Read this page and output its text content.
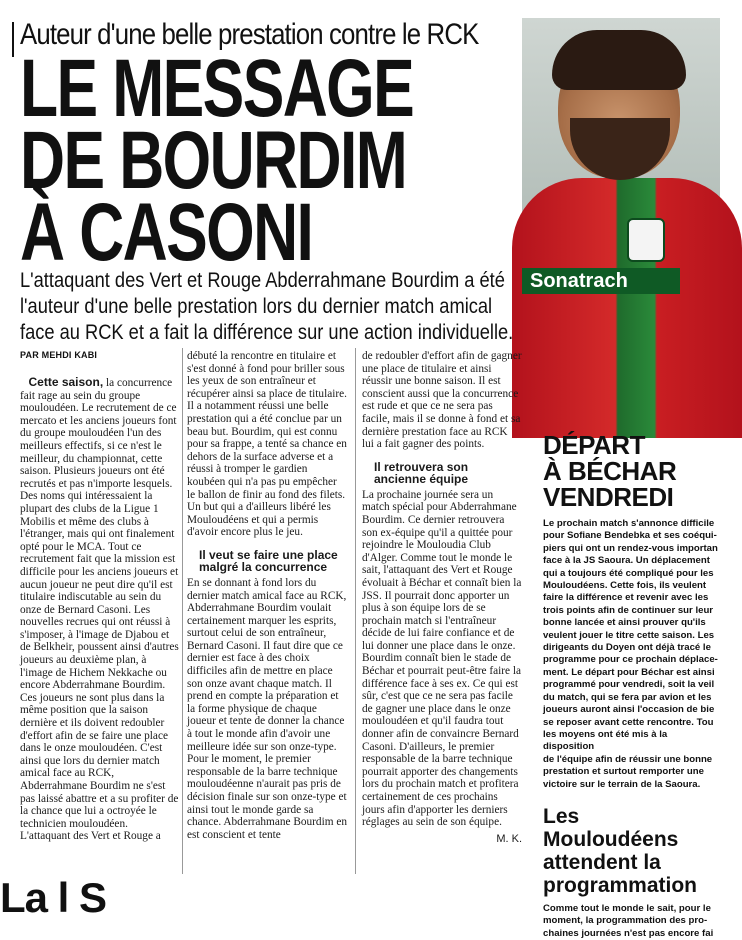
Auteur d'une belle prestation contre le RCK
LE MESSAGE
DE BOURDIM
À CASONI
Sonatrach
L'attaquant des Vert et Rouge Abderrahmane Bourdim a été l'auteur d'une belle prestation lors du dernier match amical face au RCK et a fait la différence sur une action individuelle.
PAR MEHDI KABI

Cette saison, la concurrence fait rage au sein du groupe mouloudéen. Le recrutement de ce mercato et les anciens joueurs font du groupe mouloudéen l'un des meilleurs effectifs, si ce n'est le meilleur, du championnat, cette saison. Plusieurs joueurs ont été recrutés et pas n'importe lesquels. Des noms qui intéressaient la plupart des clubs de la Ligue 1 Mobilis et même des clubs à l'étranger, mais qui ont finalement opté pour le MCA. Tout ce recrutement fait que la mission est difficile pour les anciens joueurs et aucun joueur ne peut dire qu'il est titulaire indiscutable au sein du onze de Bernard Casoni. Les nouvelles recrues qui ont réussi à s'imposer, à l'image de Djabou et de Belkheir, poussent ainsi d'autres joueurs au deuxième plan, à l'image de Hichem Nekkache ou encore Abderrahmane Bourdim. Ces joueurs ne sont plus dans la même position que la saison dernière et ils doivent redoubler d'effort afin de se faire une place dans le onze mouloudéen. C'est ainsi que lors du dernier match amical face au RCK, Abderrahmane Bourdim ne s'est pas laissé abattre et a su profiter de la chance que lui a octroyée le technicien mouloudéen. L'attaquant des Vert et Rouge a

débuté la rencontre en titulaire et s'est donné à fond pour briller sous les yeux de son entraîneur et récupérer ainsi sa place de titulaire. Il a notamment réussi une belle prestation qui a été conclue par un beau but. Bourdim, qui est connu pour sa frappe, a tenté sa chance en dehors de la surface adverse et a réussi à tromper le gardien koubéen qui n'a pas pu empêcher le ballon de finir au fond des filets. Un but qui a d'ailleurs libéré les Mouloudéens et qui a permis d'avoir encore plus le jeu.

Il veut se faire une place malgré la concurrence

En se donnant à fond lors du dernier match amical face au RCK, Abderrahmane Bourdim voulait certainement marquer les esprits, surtout celui de son entraîneur, Bernard Casoni. Il faut dire que ce dernier est face à des choix difficiles afin de mettre en place son onze avant chaque match. Il prend en compte la préparation et la forme physique de chaque joueur et tente de donner la chance à tout le monde afin d'avoir une meilleure idée sur son onze-type. Pour le moment, le premier responsable de la barre technique mouloudéenne n'aurait pas pris de décision finale sur son onze-type et ainsi tout le monde garde sa chance. Abderrahmane Bourdim en est conscient et tente

de redoubler d'effort afin de gagner une place de titulaire et ainsi réussir une bonne saison. Il est conscient aussi que la concurrence est rude et que ce ne sera pas facile, mais il se donne à fond et sa dernière prestation face au RCK lui a fait gagner des points.

Il retrouvera son ancienne équipe

La prochaine journée sera un match spécial pour Abderrahmane Bourdim. Ce dernier retrouvera son ex-équipe qu'il a quittée pour rejoindre le Mouloudia Club d'Alger. Comme tout le monde le sait, l'attaquant des Vert et Rouge évoluait à Béchar et connaît bien la JSS. Il pourrait donc apporter un plus à son équipe lors de se prochain match si l'entraîneur décide de lui faire confiance et de lui donner une place dans le onze. Bourdim connaît bien le stade de Béchar et pourrait peut-être faire la différence face à ses ex. Ce qui est sûr, c'est que ce ne sera pas facile de gagner une place dans le onze mouloudéen et qu'il faudra tout donner afin de convaincre Bernard Casoni. D'ailleurs, le premier responsable de la barre technique pourrait apporter des changements lors du prochain match et profitera certainement de ces prochains jours afin d'apporter les derniers réglages au sein de son équipe.

M. K.
DÉPART
À BÉCHAR
VENDREDI
Le prochain match s'annonce difficile
pour Sofiane Bendebka et ses coéqui-
piers qui ont un rendez-vous importan
face à la JS Saoura. Un déplacement
qui a toujours été compliqué pour les
Mouloudéens. Cette fois, ils veulent
faire la différence et revenir avec les
trois points afin de continuer sur leur
bonne lancée et ainsi prouver qu'ils
veulent jouer le titre cette saison. Les
dirigeants du Doyen ont déjà tracé le
programme pour ce prochain déplace-
ment. Le départ pour Béchar est ainsi
programmé pour vendredi, soit la veil
du match, qui se fera par avion et les
joueurs auront ainsi l'occasion de bie
se reposer avant cette rencontre. Tou
les moyens ont été mis à la disposition
de l'équipe afin de réussir une bonne
prestation et surtout remporter une
victoire sur le terrain de la Saoura.
Les Mouloudéens
attendent la
programmation
Comme tout le monde le sait, pour le
moment, la programmation des pro-
chaines journées n'est pas encore fai
La l S
